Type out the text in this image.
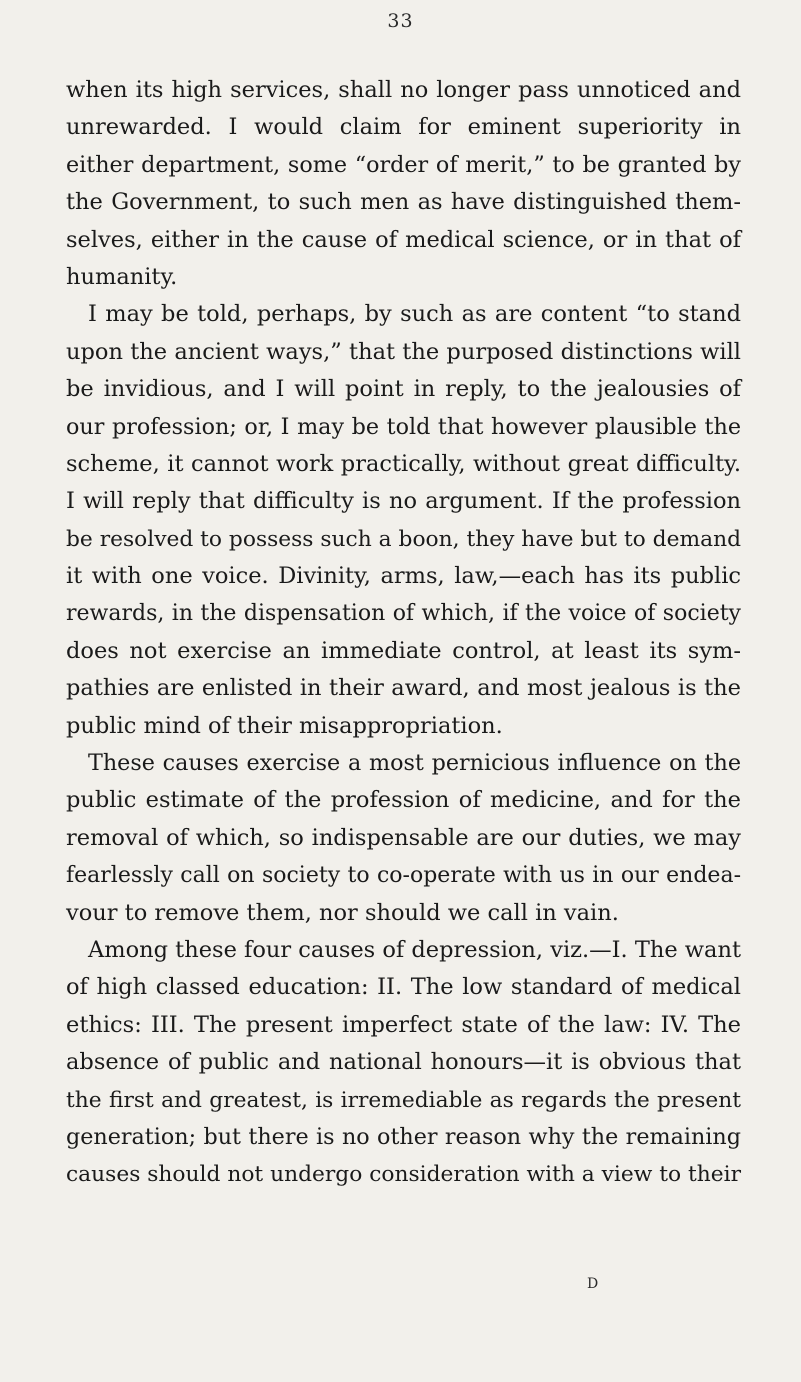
33
when its high services, shall no longer pass unnoticed and
unrewarded. I would claim for eminent superiority in
either department, some “order of merit,” to be granted by
the Government, to such men as have distinguished them-
selves, either in the cause of medical science, or in that of
humanity.
I may be told, perhaps, by such as are content “to stand
upon the ancient ways,” that the purposed distinctions will
be invidious, and I will point in reply, to the jealousies of
our profession; or, I may be told that however plausible the
scheme, it cannot work practically, without great difficulty.
I will reply that difficulty is no argument. If the profession
be resolved to possess such a boon, they have but to demand
it with one voice. Divinity, arms, law,—each has its public
rewards, in the dispensation of which, if the voice of society
does not exercise an immediate control, at least its sym-
pathies are enlisted in their award, and most jealous is the
public mind of their misappropriation.
These causes exercise a most pernicious influence on the
public estimate of the profession of medicine, and for the
removal of which, so indispensable are our duties, we may
fearlessly call on society to co-operate with us in our endea-
vour to remove them, nor should we call in vain.
Among these four causes of depression, viz.—I. The want
of high classed education: II. The low standard of medical
ethics: III. The present imperfect state of the law: IV. The
absence of public and national honours—it is obvious that
the first and greatest, is irremediable as regards the present
generation; but there is no other reason why the remaining
causes should not undergo consideration with a view to their
D
